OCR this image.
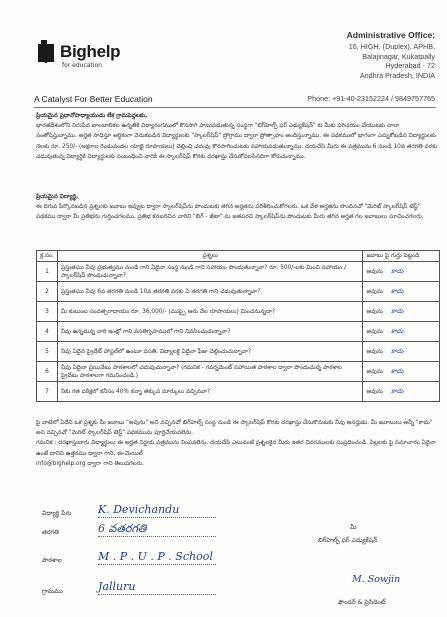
Bighelp
for education
A Catalyst For Better Education
Administrative Office:
16, HIGH, (Duplex), APHB,
Balajinagar, Kukatpally
Hyderabad - 72
Andhra Pradesh, INDIA
Phone: +91-40-23152224 / 9849757765
ప్రియమైన ప్రధానోపాధ్యాయుడు లేక గ్రామపెద్దలకు,
భారతదేశంలోని నిరుపేద బాలబాలికల ఉన్నతికి విద్యారంగములో కొనసాగి పాటుపడుతున్న సంస్థగా "బిగ్‌హెల్ప్ ఫర్ ఎడ్యుకేషన్" కు మీకు పరిచయం చేయుటకు చాలా సంతోషిస్తున్నాము. అర్హత సాధిస్తూ ఆర్థికంగా వెనుకబడిన విద్యార్థులకు "స్కాలర్‌షిప్" ప్రోగ్రాము ద్వారా ప్రోత్సాహం అందిస్తున్నాము. ఈ పథకములో భాగంగా ఎన్నుకోబడిన విద్యార్థులకు నెలకు రూ. 250/- (అక్షరాల రెండువందల యాభై రూపాయలు) చెల్లించి చదువు కొనసాగించుటకు సహాయపడుతున్నాము. దయచేసి మీరు ఈ పత్రమును 6 నుండి 10వ తరగతి వరకు చదువుతున్న విద్యార్థికి విద్యార్థులకు సంబంధించి వారికి ఈ స్కాలర్‌షిప్ కొరకు దరఖాస్తు చేసుకోవలసినదిగా కోరుచున్నాము.
ప్రియమైన విద్యార్థి,
ఈ దిగువ పేర్కొనబడిన ప్రశ్నలకు జవాబు ఇవ్వుట ద్వారా స్కాలర్‌షిప్‌ను పొందుటకు తగిన అర్హతను పరిశీలించుకోగలరు. ఒక వేళ అర్హతను పొందినచో "మెరిట్ స్కాలర్‌షిప్ టెస్ట్" పథకము ద్వారా మీ ప్రతిభను గుర్తించగలము. ప్రతిభ కనబరిచిన వారిని "బిగ్ - జీటా" ను జతపరచి స్కాలర్‌షిప్‌ను పొందుటకు మీరు తగిన అర్హత గల జవాబులు సూచించగలరు.
క్ర.సం.	ప్రశ్నలు	జవాబు పై గుర్తు పెట్టండి
1	ప్రస్తుతము నీవు ప్రభుత్వము నుండి గాని ఏదైనా సంస్థ నుండి గాని సహాయం పొందుతున్నావా? రూ. 500/-లకు మించి సహాయం / స్కాలర్‌షిప్ పొందుచున్నావా?	అవును కాదు

2	ప్రస్తుతము నీవు 6వ తరగతి నుండి 10వ తరగతి వరకు ఏ తరగతి గాని చదువుతున్నావా?	అవును కాదు

3	మీ కుటుంబ సంవత్సరాదాయం రూ. 36,000/- (ముప్పై ఆరు వేల రూపాయలు) మించనున్నదా?	అవును కాదు

4	నీవు ఉన్నదున్న వారి ఇంట్లో గాని వసతిగృహములో గాని నివసించుచున్నావా?	అవును కాదు

5	నీవు ఏదైన ప్రైవేట్ హాస్టల్‌లో ఉంటూ వసతి, విద్యాలకై ఏదైనా ఫీజు చెల్లించుచున్నావా?	అవును కాదు

6	నీవు ఏదైనా ప్రయివేటు పాఠశాలలో చదువుచున్నావా? (గమనిక - గవర్నమెంట్ సహాయిత పాఠశాల ద్వారా పొందుచున్న పాఠశాల ప్రైవేటు పాఠశాలగా గమనించండి.)	అవును కాదు

7	నీకు గత పరీక్షలో కనీసం 40% కన్నా తక్కువ మార్కులు వచ్చినవా?	అవును కాదు
పై వాటిలో ఏదేని ఒక ప్రశ్నకు మీ జవాబు "అవును" అని వచ్చినచో బిగ్‌హెల్ప్ సంస్థ నుండి ఈ స్కాలర్‌షిప్ కొరకు దరఖాస్తు చేసుకొనుటకు నీవు అనర్హుడు. మీ జవాబులు అన్నీ "కాదు" అని వచ్చినచో "మెరిట్ స్కాలర్‌షిప్ టెస్ట్" పథకమును పూర్తిచేయవలెను.
గమనిక : దరఖాస్తుదారు విద్యార్థులు ఈ అర్హత నిర్ణయ పత్రమును నింపవలెను. దయచేసి ఎటువంటి ప్రశ్నలకైన మీరు ఇతర వివరములకు సంప్రదించండి. పిల్లలకు పై సమాచారం ఏదైనా ఉంటే దానిని ఉత్తరము ద్వారా గాని, ఈ-మెయిల్
info@bighelp.org ద్వారా గాని తెలుపగలరు.
విద్యార్థి పేరు K. Devichandu
తరగతి	6 వతరగతి
పాఠశాల	M . P . U . P . School
గ్రామము	Jalluru
మీ
బిగ్‌హెల్ప్ ఫర్ ఎడ్యుకేషన్
M. Sowjin
ఫౌండర్ & ప్రెసిడెంట్
